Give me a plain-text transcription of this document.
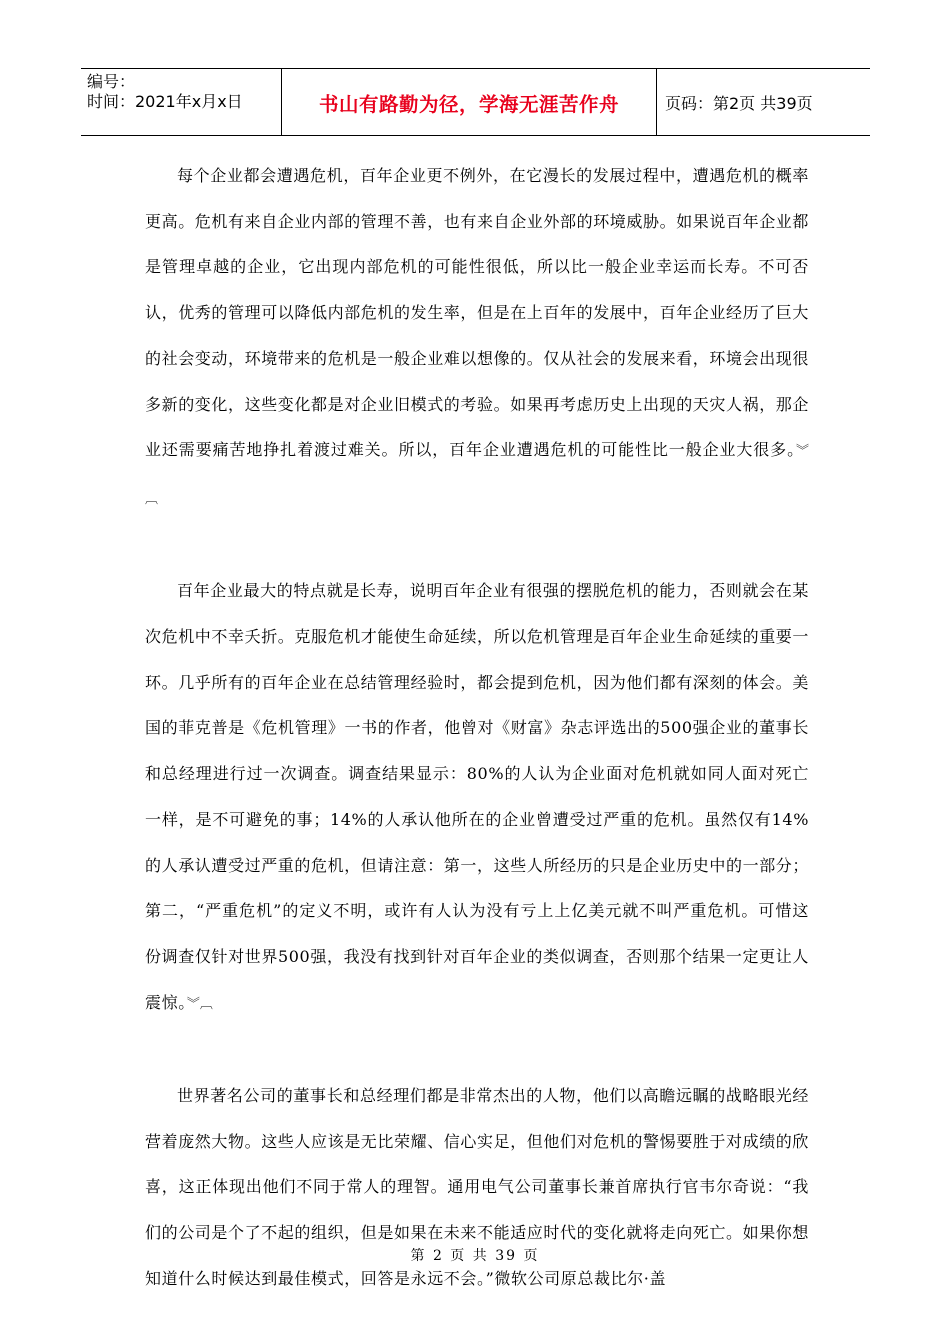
编号：
时间：2021年x月x日	书山有路勤为径，学海无涯苦作舟	页码：第2页 共39页

每个企业都会遭遇危机，百年企业更不例外，在它漫长的发展过程中，遭遇危机的概率更高。危机有来自企业内部的管理不善，也有来自企业外部的环境威胁。如果说百年企业都是管理卓越的企业，它出现内部危机的可能性很低，所以比一般企业幸运而长寿。不可否认，优秀的管理可以降低内部危机的发生率，但是在上百年的发展中，百年企业经历了巨大的社会变动，环境带来的危机是一般企业难以想像的。仅从社会的发展来看，环境会出现很多新的变化，这些变化都是对企业旧模式的考验。如果再考虑历史上出现的天灾人祸，那企业还需要痛苦地挣扎着渡过难关。所以，百年企业遭遇危机的可能性比一般企业大很多。︾︹

百年企业最大的特点就是长寿，说明百年企业有很强的摆脱危机的能力，否则就会在某次危机中不幸夭折。克服危机才能使生命延续，所以危机管理是百年企业生命延续的重要一环。几乎所有的百年企业在总结管理经验时，都会提到危机，因为他们都有深刻的体会。美国的菲克普是《危机管理》一书的作者，他曾对《财富》杂志评选出的500强企业的董事长和总经理进行过一次调查。调查结果显示：80%的人认为企业面对危机就如同人面对死亡一样，是不可避免的事；14%的人承认他所在的企业曾遭受过严重的危机。虽然仅有14%的人承认遭受过严重的危机，但请注意：第一，这些人所经历的只是企业历史中的一部分；第二，“严重危机”的定义不明，或许有人认为没有亏上上亿美元就不叫严重危机。可惜这份调查仅针对世界500强，我没有找到针对百年企业的类似调查，否则那个结果一定更让人震惊。︾︹

世界著名公司的董事长和总经理们都是非常杰出的人物，他们以高瞻远瞩的战略眼光经营着庞然大物。这些人应该是无比荣耀、信心实足，但他们对危机的警惕要胜于对成绩的欣喜，这正体现出他们不同于常人的理智。通用电气公司董事长兼首席执行官韦尔奇说：“我们的公司是个了不起的组织，但是如果在未来不能适应时代的变化就将走向死亡。如果你想知道什么时候达到最佳模式，回答是永远不会。”微软公司原总裁比尔·盖

第 2 页 共 39 页
